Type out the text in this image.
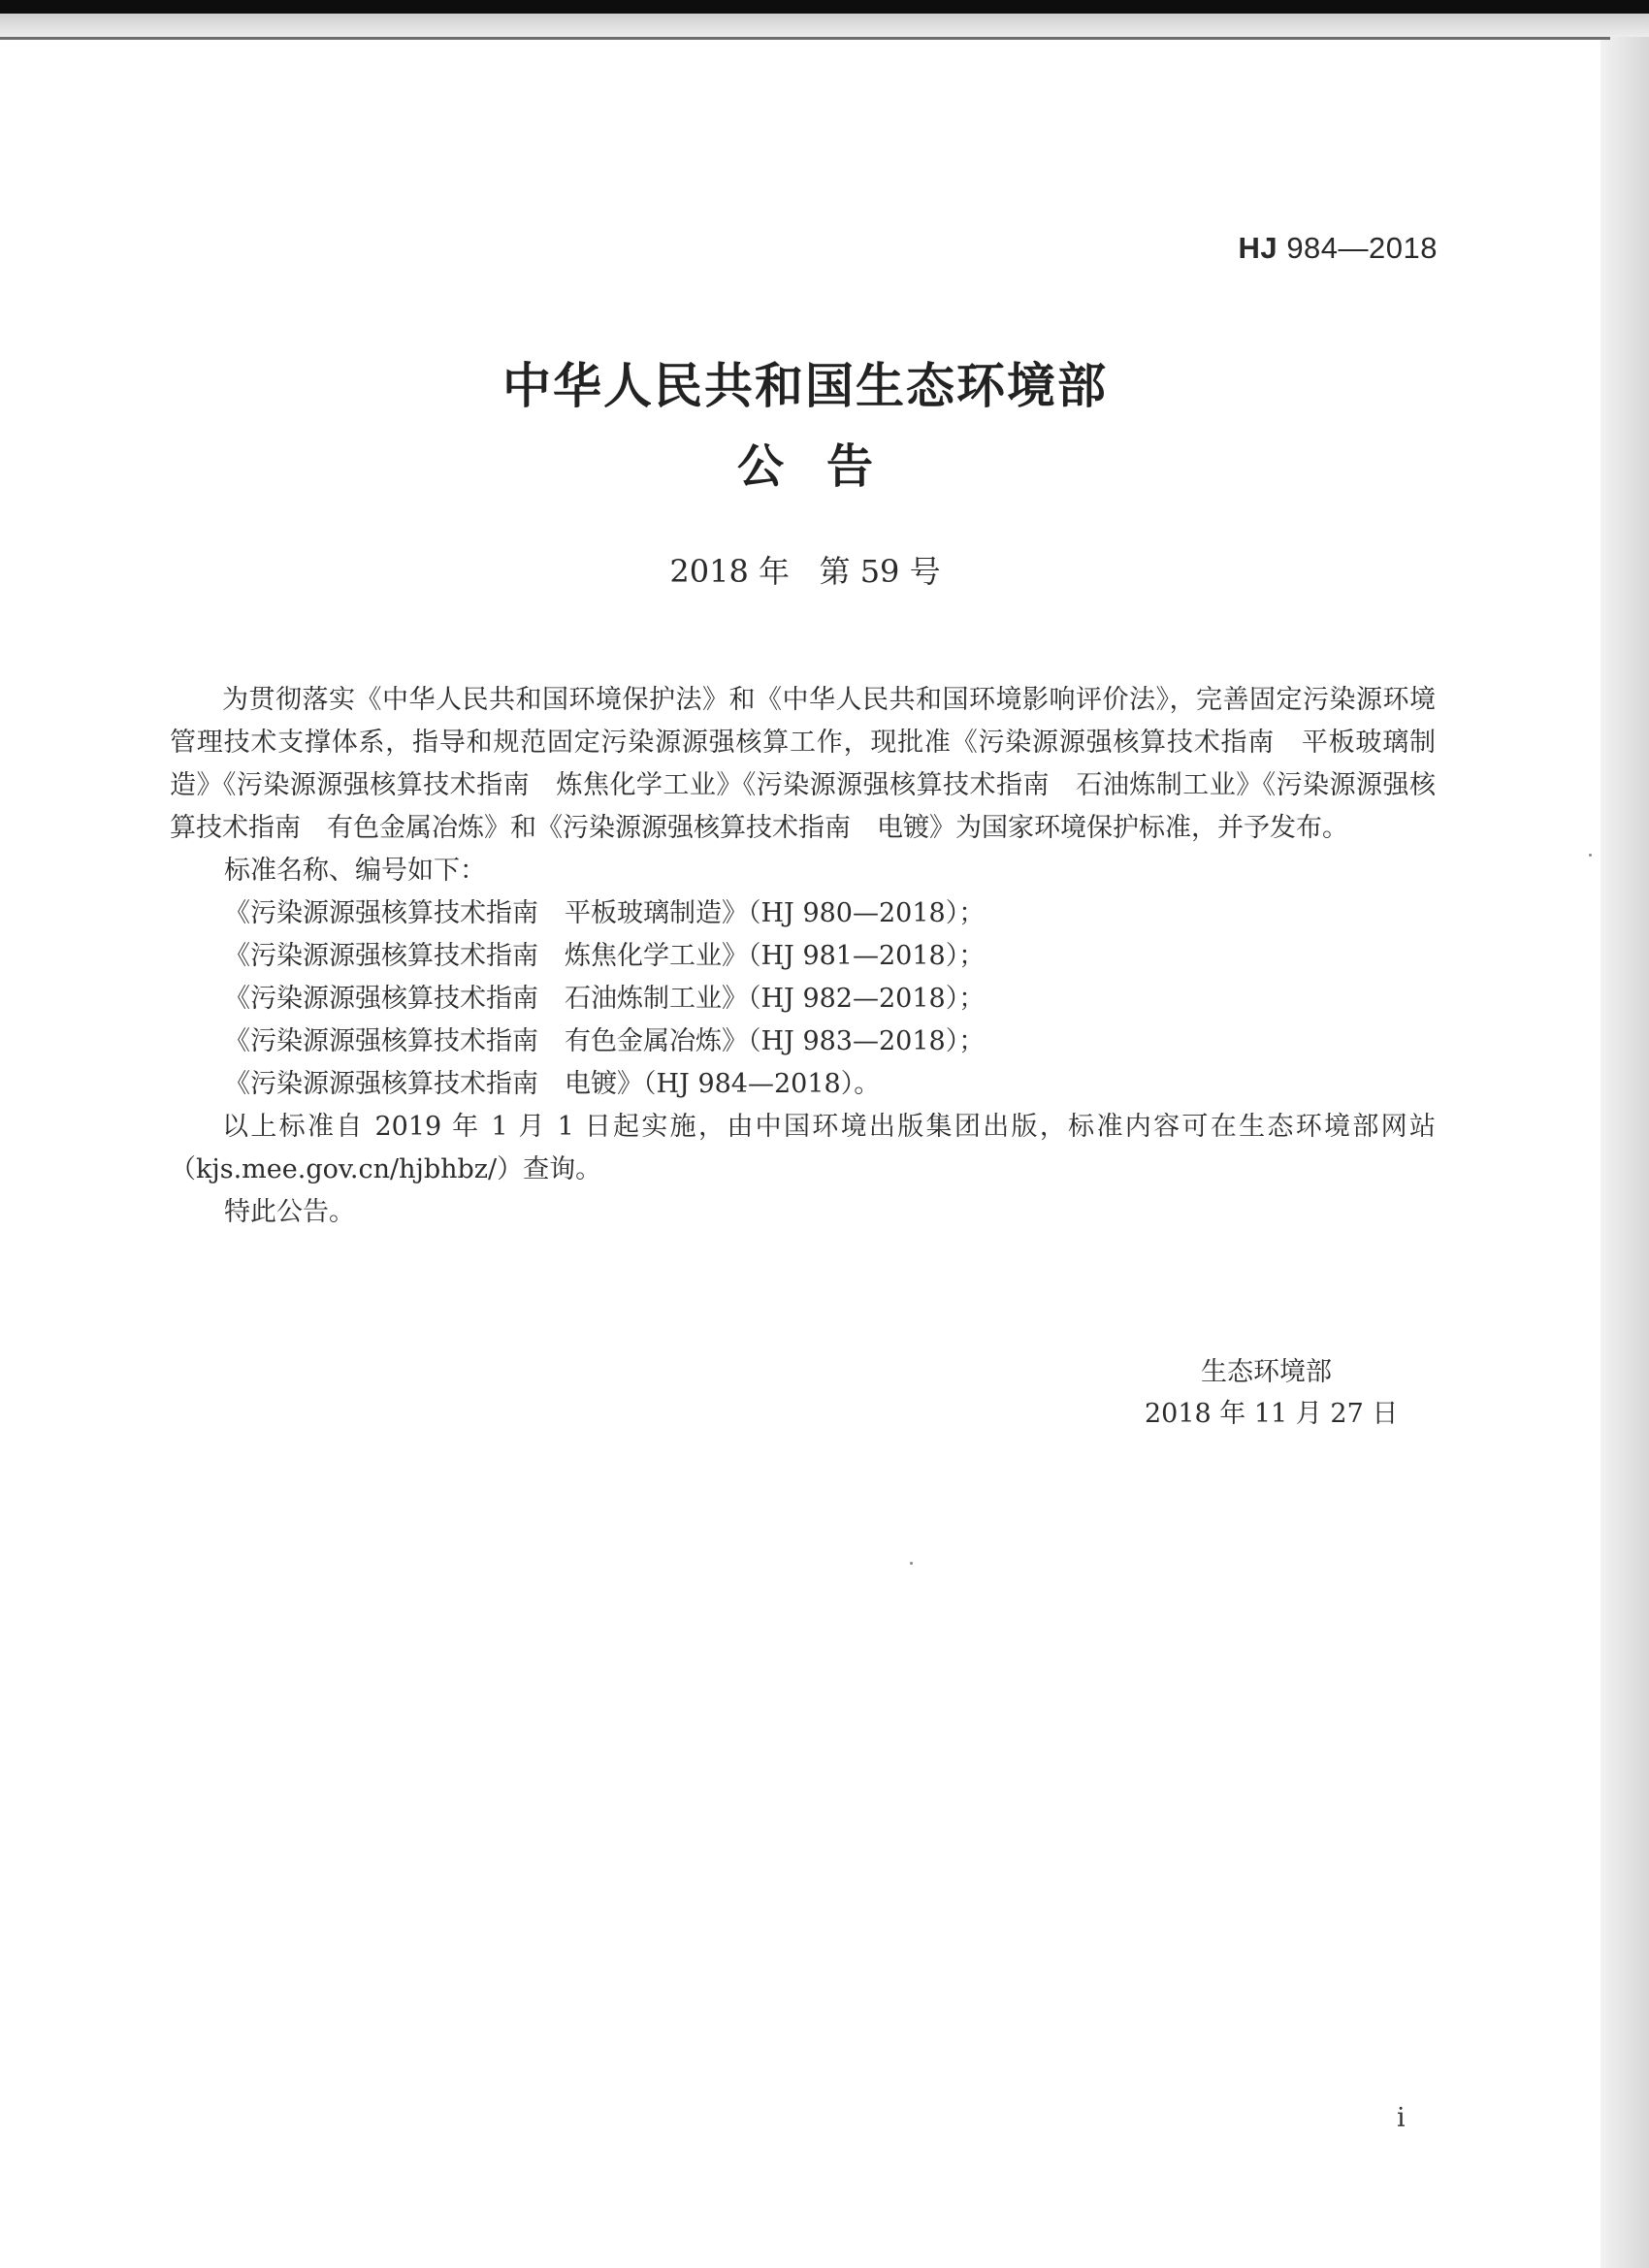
HJ 984—2018
中华人民共和国生态环境部
公 告
2018 年   第 59 号

为贯彻落实《中华人民共和国环境保护法》和《中华人民共和国环境影响评价法》，完善固定污染源环境管理技术支撑体系，指导和规范固定污染源源强核算工作，现批准《污染源源强核算技术指南　平板玻璃制造》《污染源源强核算技术指南　炼焦化学工业》《污染源源强核算技术指南　石油炼制工业》《污染源源强核算技术指南　有色金属冶炼》和《污染源源强核算技术指南　电镀》为国家环境保护标准，并予发布。

标准名称、编号如下：
《污染源源强核算技术指南　平板玻璃制造》（HJ 980—2018）；
《污染源源强核算技术指南　炼焦化学工业》（HJ 981—2018）；
《污染源源强核算技术指南　石油炼制工业》（HJ 982—2018）；
《污染源源强核算技术指南　有色金属冶炼》（HJ 983—2018）；
《污染源源强核算技术指南　电镀》（HJ 984—2018）。

以上标准自 2019 年 1 月 1 日起实施，由中国环境出版集团出版，标准内容可在生态环境部网站（kjs.mee.gov.cn/hjbhbz/）查询。

特此公告。
生态环境部
2018 年 11 月 27 日
i
